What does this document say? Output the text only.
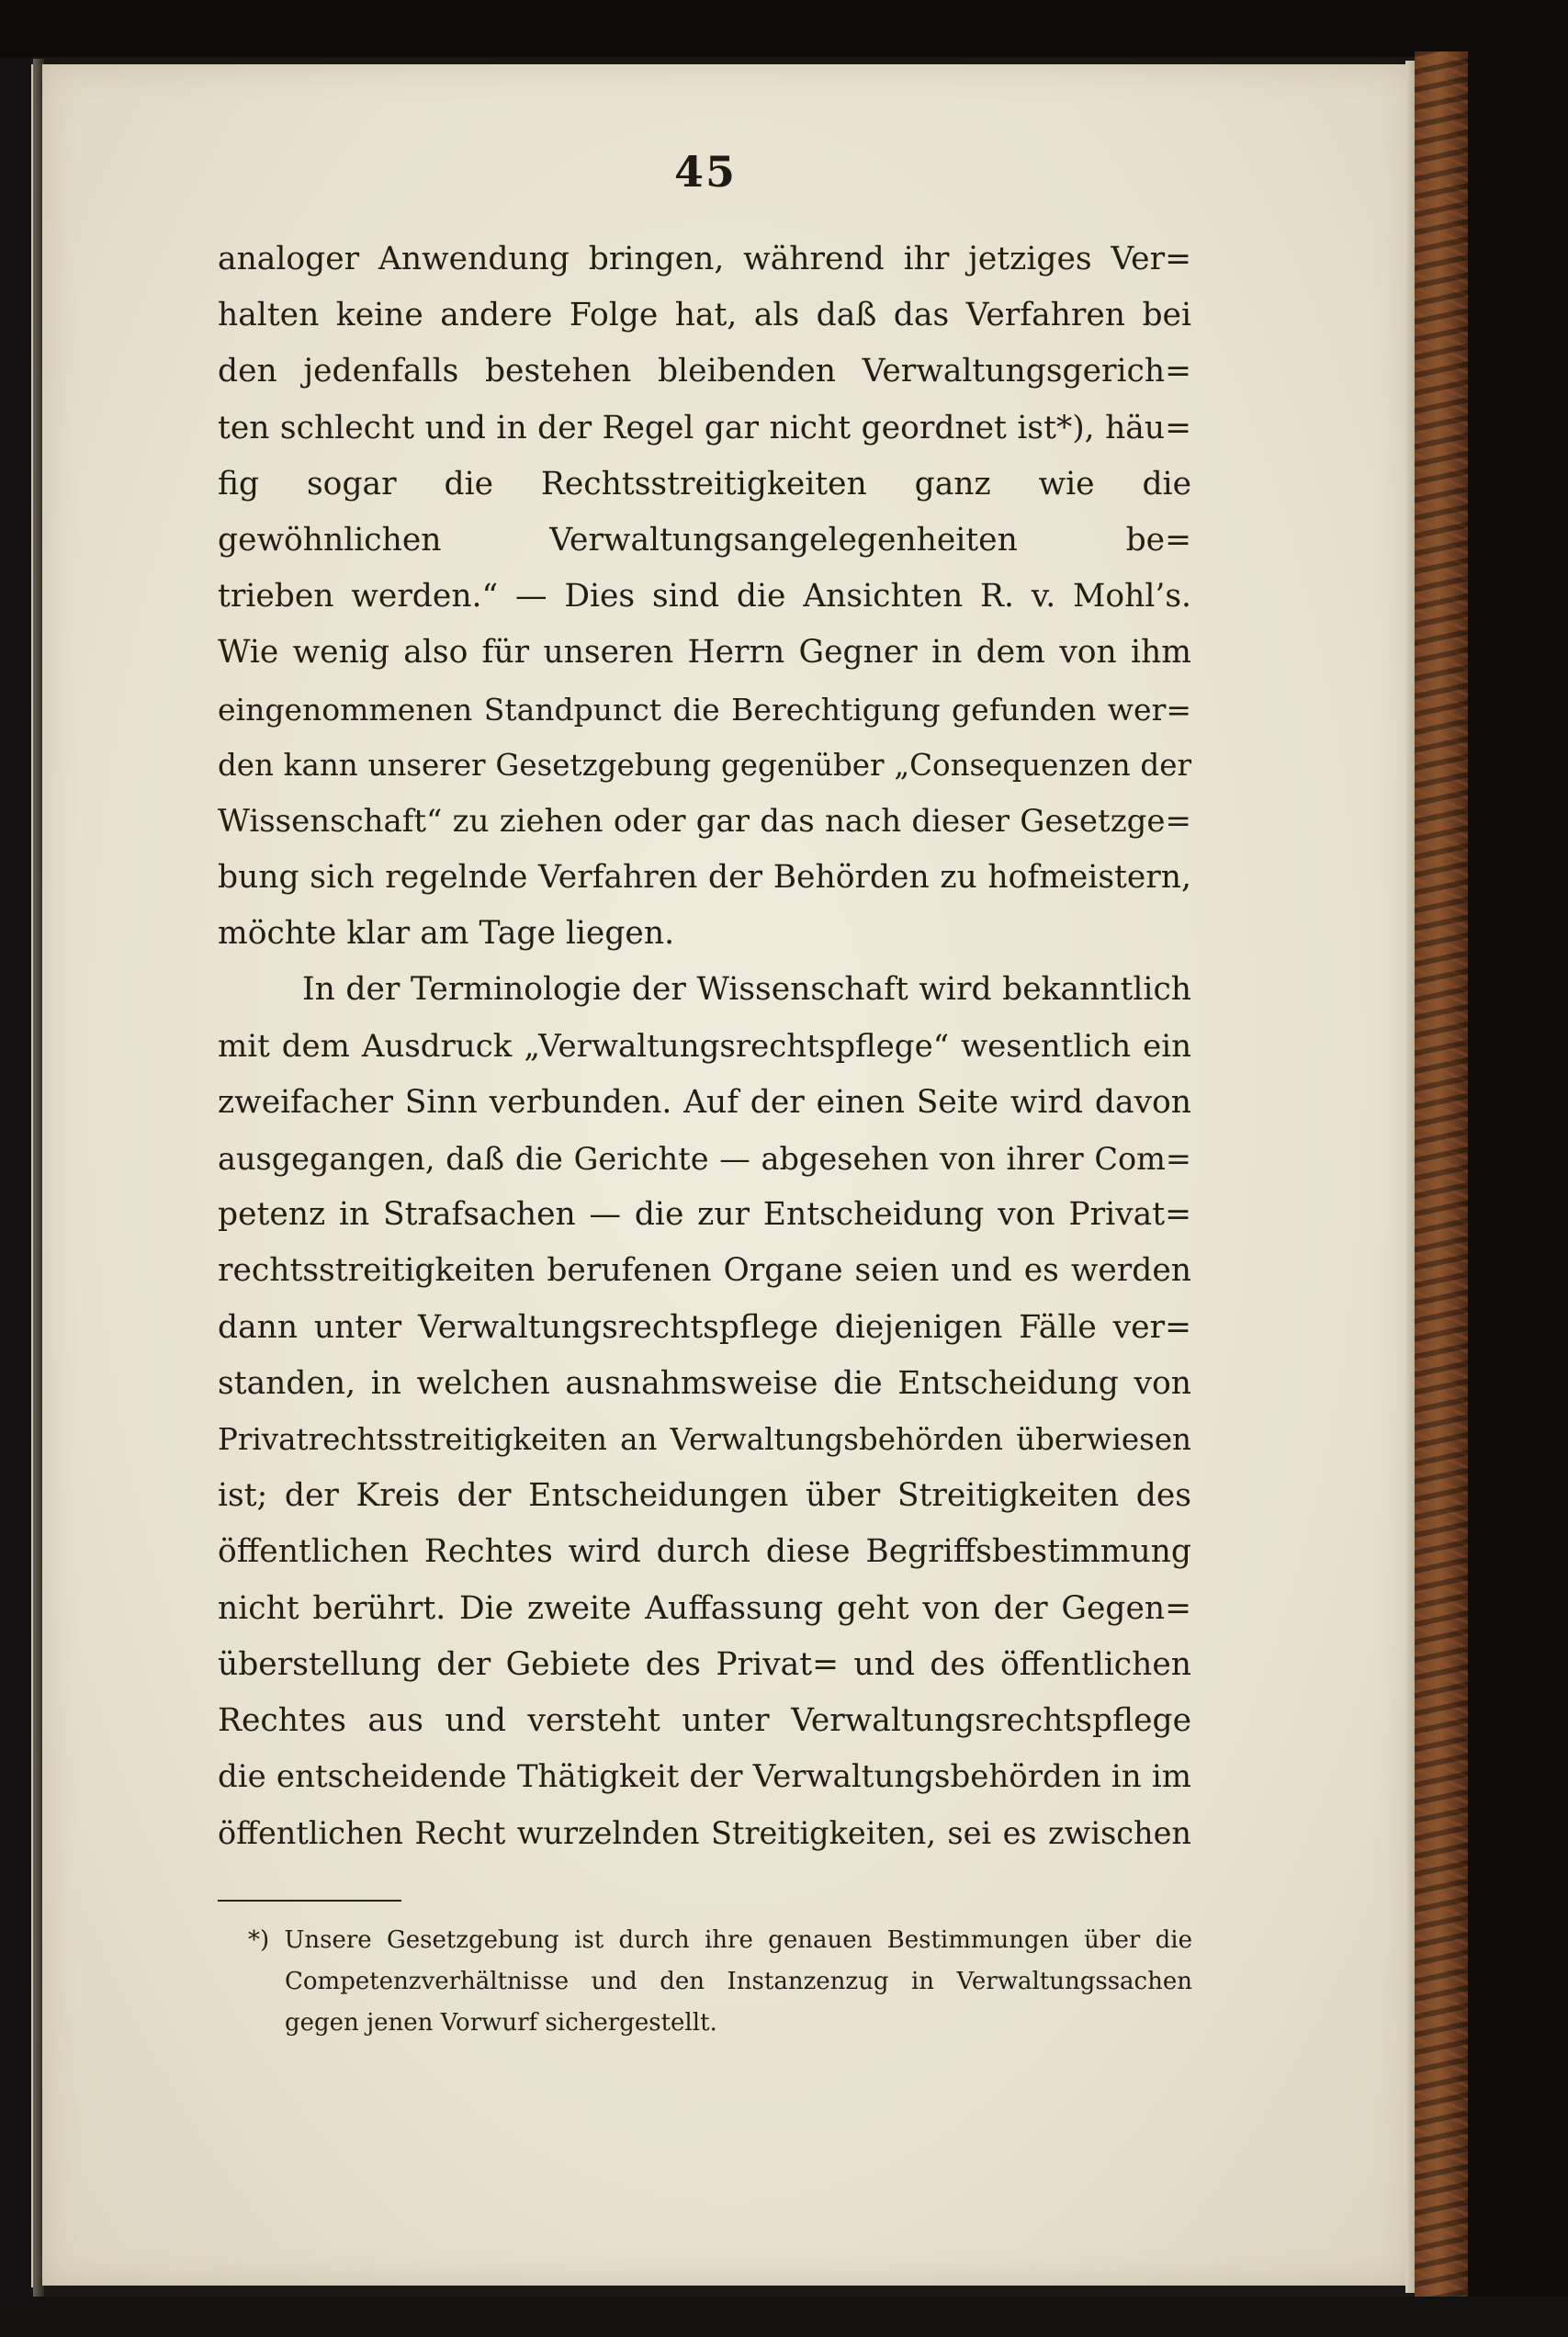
45
analoger Anwendung bringen, während ihr jetziges Ver=
halten keine andere Folge hat, als daß das Verfahren bei
den jedenfalls bestehen bleibenden Verwaltungsgerich=
ten schlecht und in der Regel gar nicht geordnet ist*), häu=
fig sogar die Rechtsstreitigkeiten ganz wie die
gewöhnlichen Verwaltungsangelegenheiten be=
trieben werden.“ — Dies sind die Ansichten R. v. Mohl’s.
Wie wenig also für unseren Herrn Gegner in dem von ihm
eingenommenen Standpunct die Berechtigung gefunden wer=
den kann unserer Gesetzgebung gegenüber „Consequenzen der
Wissenschaft“ zu ziehen oder gar das nach dieser Gesetzge=
bung sich regelnde Verfahren der Behörden zu hofmeistern,
möchte klar am Tage liegen.
In der Terminologie der Wissenschaft wird bekanntlich
mit dem Ausdruck „Verwaltungsrechtspflege“ wesentlich ein
zweifacher Sinn verbunden. Auf der einen Seite wird davon
ausgegangen, daß die Gerichte — abgesehen von ihrer Com=
petenz in Strafsachen — die zur Entscheidung von Privat=
rechtsstreitigkeiten berufenen Organe seien und es werden
dann unter Verwaltungsrechtspflege diejenigen Fälle ver=
standen, in welchen ausnahmsweise die Entscheidung von
Privatrechtsstreitigkeiten an Verwaltungsbehörden überwiesen
ist; der Kreis der Entscheidungen über Streitigkeiten des
öffentlichen Rechtes wird durch diese Begriffsbestimmung
nicht berührt. Die zweite Auffassung geht von der Gegen=
überstellung der Gebiete des Privat= und des öffentlichen
Rechtes aus und versteht unter Verwaltungsrechtspflege
die entscheidende Thätigkeit der Verwaltungsbehörden in im
öffentlichen Recht wurzelnden Streitigkeiten, sei es zwischen
*) Unsere Gesetzgebung ist durch ihre genauen Bestimmungen über die
Competenzverhältnisse und den Instanzenzug in Verwaltungssachen
gegen jenen Vorwurf sichergestellt.
